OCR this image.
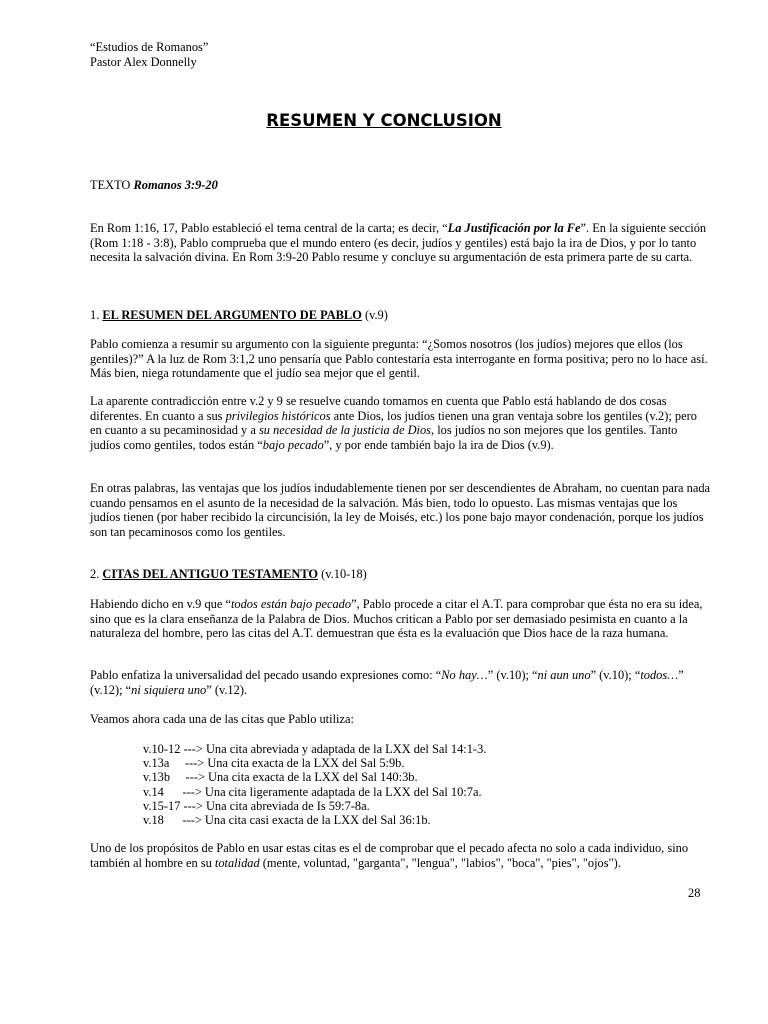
“Estudios de Romanos”
Pastor Alex Donnelly
RESUMEN Y CONCLUSION

TEXTO Romanos 3:9-20

En Rom 1:16, 17, Pablo estableció el tema central de la carta; es decir, “La Justificación por la Fe”. En la siguiente sección (Rom 1:18 - 3:8), Pablo comprueba que el mundo entero (es decir, judíos y gentiles) está bajo la ira de Dios, y por lo tanto necesita la salvación divina. En Rom 3:9-20 Pablo resume y concluye su argumentación de esta primera parte de su carta.

1. EL RESUMEN DEL ARGUMENTO DE PABLO (v.9)

Pablo comienza a resumir su argumento con la siguiente pregunta: “¿Somos nosotros (los judíos) mejores que ellos (los gentiles)?” A la luz de Rom 3:1,2 uno pensaría que Pablo contestaría esta interrogante en forma positiva; pero no lo hace así. Más bien, niega rotundamente que el judío sea mejor que el gentil.

La aparente contradicción entre v.2 y 9 se resuelve cuando tomamos en cuenta que Pablo está hablando de dos cosas diferentes. En cuanto a sus privilegios históricos ante Dios, los judíos tienen una gran ventaja sobre los gentiles (v.2); pero en cuanto a su pecaminosidad y a su necesidad de la justicia de Dios, los judíos no son mejores que los gentiles. Tanto judíos como gentiles, todos están “bajo pecado”, y por ende también bajo la ira de Dios (v.9).

En otras palabras, las ventajas que los judíos indudablemente tienen por ser descendientes de Abraham, no cuentan para nada cuando pensamos en el asunto de la necesidad de la salvación. Más bien, todo lo opuesto. Las mismas ventajas que los judíos tienen (por haber recibido la circuncisión, la ley de Moisés, etc.) los pone bajo mayor condenación, porque los judíos son tan pecaminosos como los gentiles.

2. CITAS DEL ANTIGUO TESTAMENTO (v.10-18)

Habiendo dicho en v.9 que “todos están bajo pecado”, Pablo procede a citar el A.T. para comprobar que ésta no era su idea, sino que es la clara enseñanza de la Palabra de Dios. Muchos critican a Pablo por ser demasiado pesimista en cuanto a la naturaleza del hombre, pero las citas del A.T. demuestran que ésta es la evaluación que Dios hace de la raza humana.

Pablo enfatiza la universalidad del pecado usando expresiones como: “No hay…” (v.10); “ni aun uno” (v.10); “todos…” (v.12); “ni siquiera uno” (v.12).

Veamos ahora cada una de las citas que Pablo utiliza:

v.10-12 ---> Una cita abreviada y adaptada de la LXX del Sal 14:1-3.
v.13a     ---> Una cita exacta de la LXX del Sal 5:9b.
v.13b     ---> Una cita exacta de la LXX del Sal 140:3b.
v.14      ---> Una cita ligeramente adaptada de la LXX del Sal 10:7a.
v.15-17 ---> Una cita abreviada de Is 59:7-8a.
v.18      ---> Una cita casi exacta de la LXX del Sal 36:1b.

Uno de los propósitos de Pablo en usar estas citas es el de comprobar que el pecado afecta no solo a cada individuo, sino también al hombre en su totalidad (mente, voluntad, "garganta", "lengua", "labios", "boca", "pies", "ojos").

28
